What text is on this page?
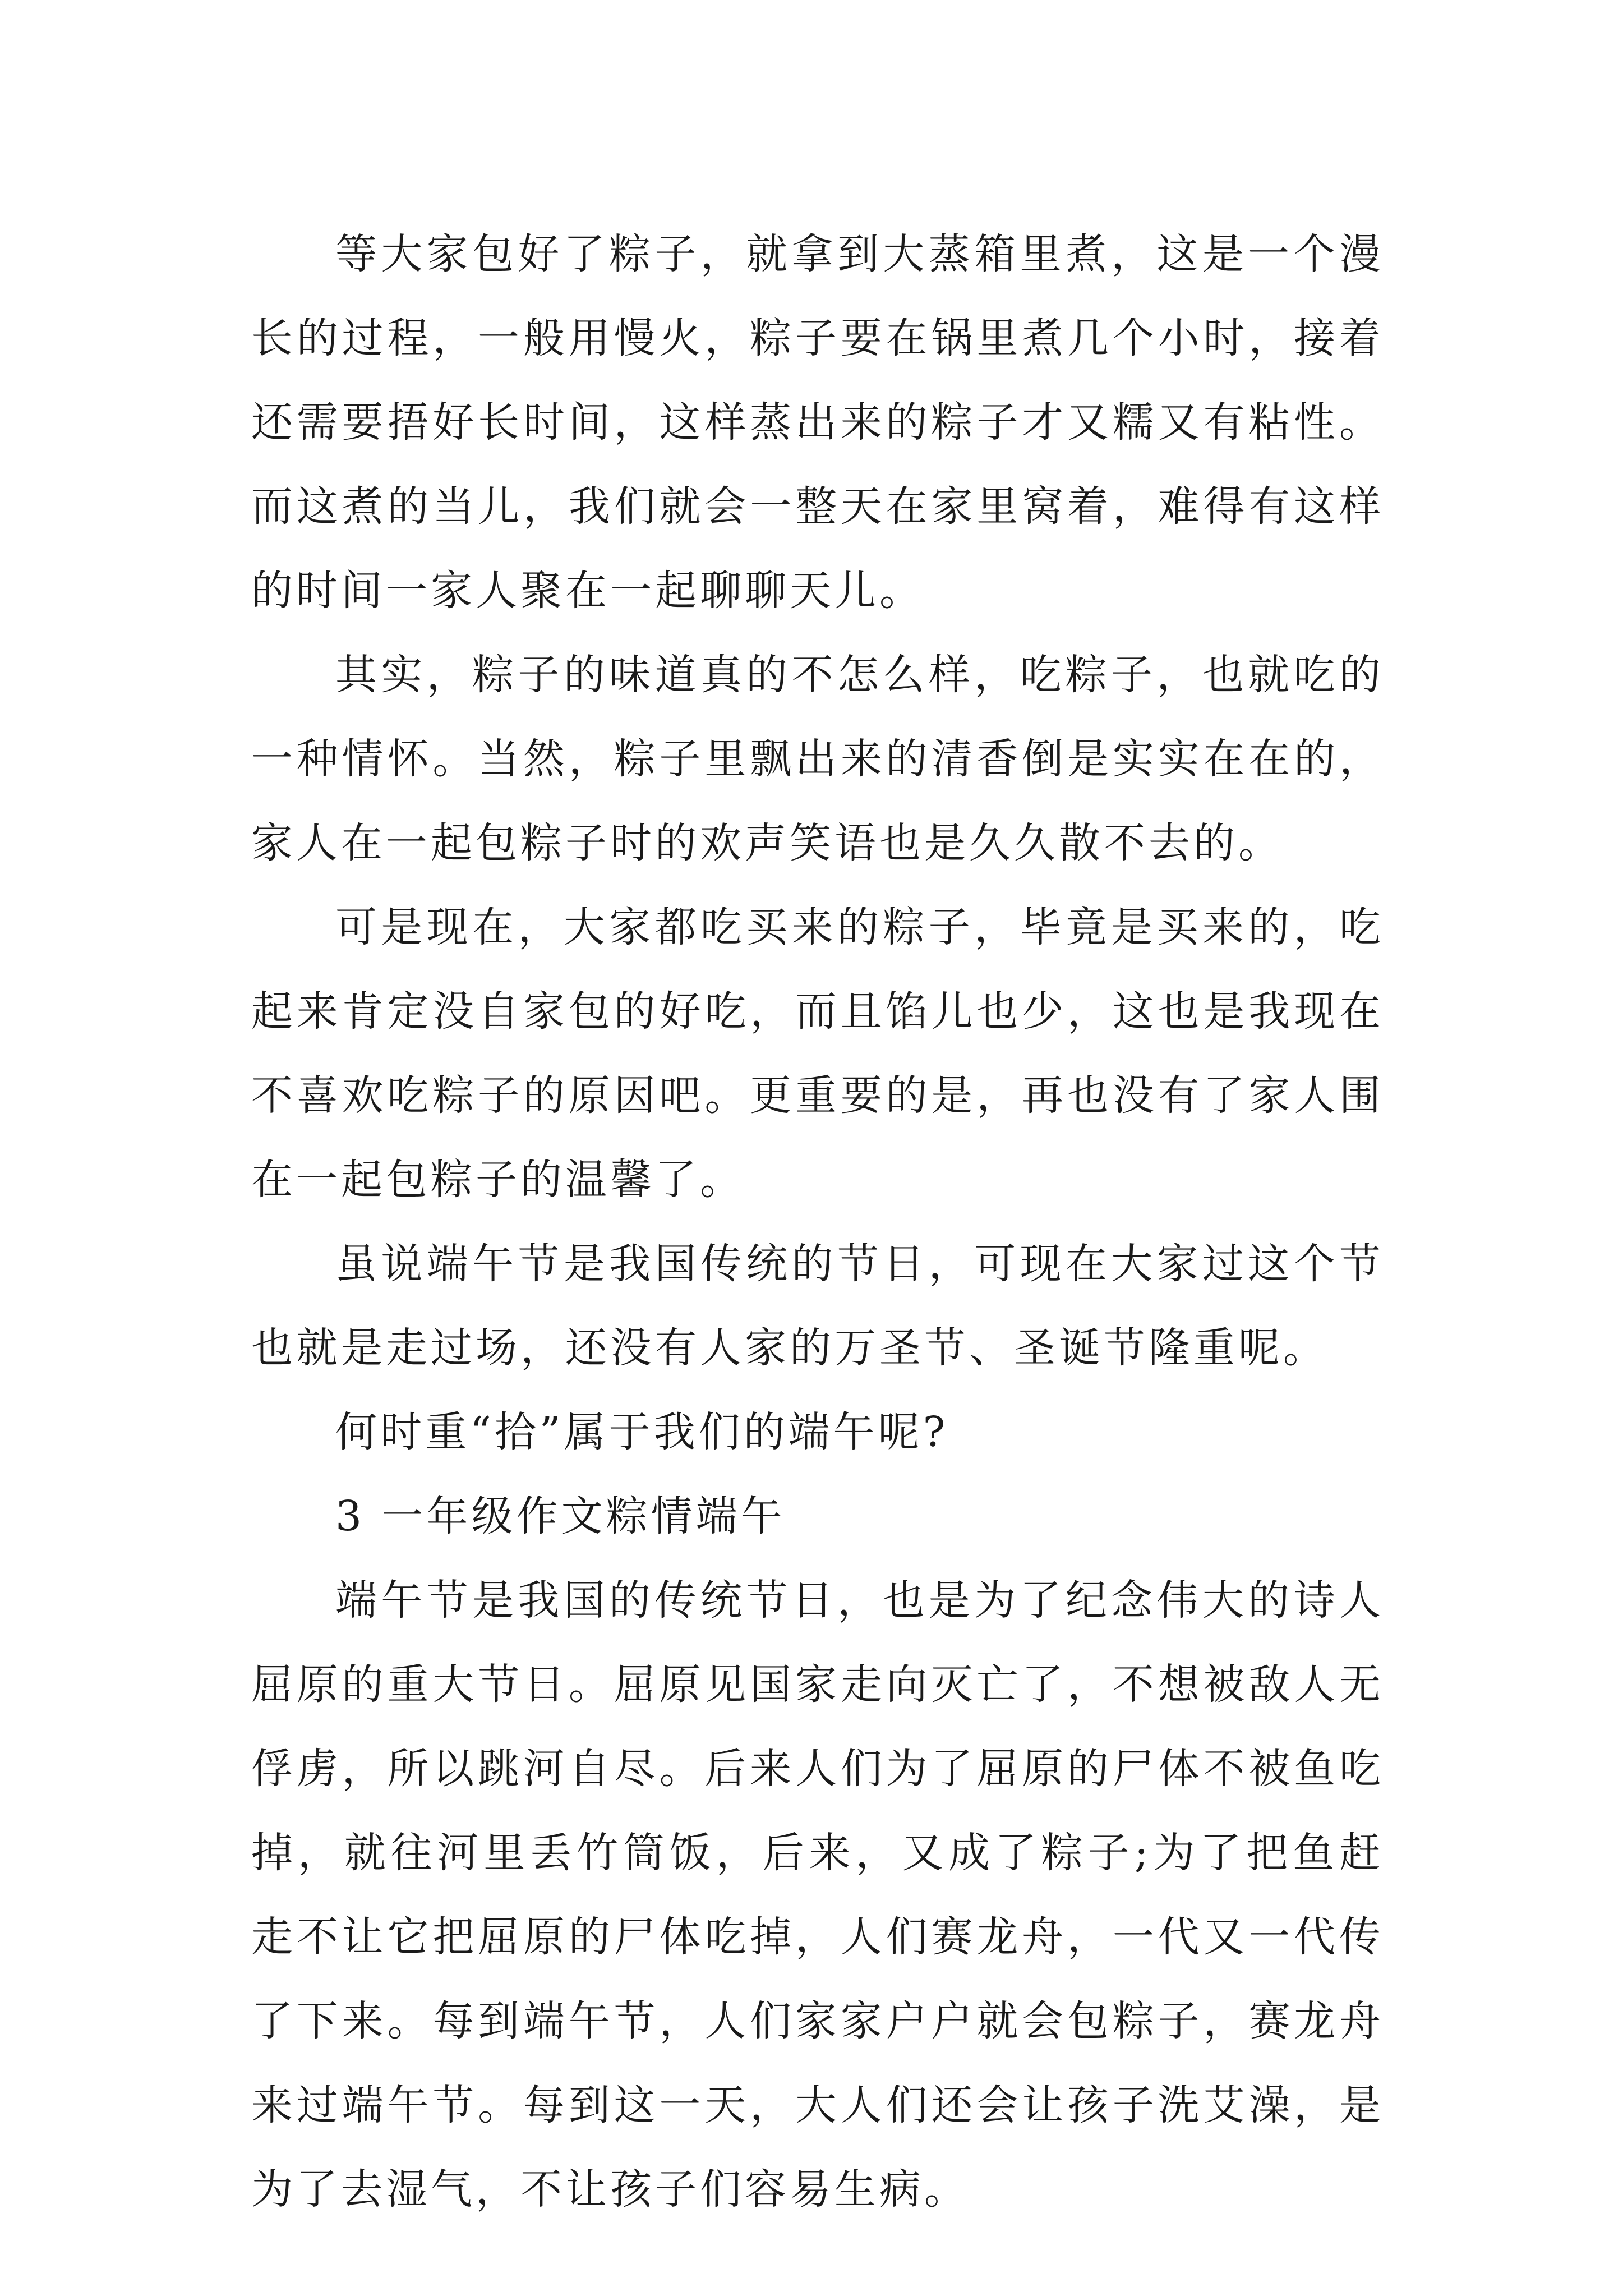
等大家包好了粽子，就拿到大蒸箱里煮，这是一个漫长的过程，一般用慢火，粽子要在锅里煮几个小时，接着还需要捂好长时间，这样蒸出来的粽子才又糯又有粘性。而这煮的当儿，我们就会一整天在家里窝着，难得有这样的时间一家人聚在一起聊聊天儿。

其实，粽子的味道真的不怎么样，吃粽子，也就吃的一种情怀。当然，粽子里飘出来的清香倒是实实在在的，家人在一起包粽子时的欢声笑语也是久久散不去的。

可是现在，大家都吃买来的粽子，毕竟是买来的，吃起来肯定没自家包的好吃，而且馅儿也少，这也是我现在不喜欢吃粽子的原因吧。更重要的是，再也没有了家人围在一起包粽子的温馨了。

虽说端午节是我国传统的节日，可现在大家过这个节也就是走过场，还没有人家的万圣节、圣诞节隆重呢。

何时重“拾”属于我们的端午呢?

3 一年级作文粽情端午

端午节是我国的传统节日，也是为了纪念伟大的诗人屈原的重大节日。屈原见国家走向灭亡了，不想被敌人无俘虏，所以跳河自尽。后来人们为了屈原的尸体不被鱼吃掉，就往河里丢竹筒饭，后来，又成了粽子;为了把鱼赶走不让它把屈原的尸体吃掉，人们赛龙舟，一代又一代传了下来。每到端午节，人们家家户户就会包粽子，赛龙舟来过端午节。每到这一天，大人们还会让孩子洗艾澡，是为了去湿气，不让孩子们容易生病。
